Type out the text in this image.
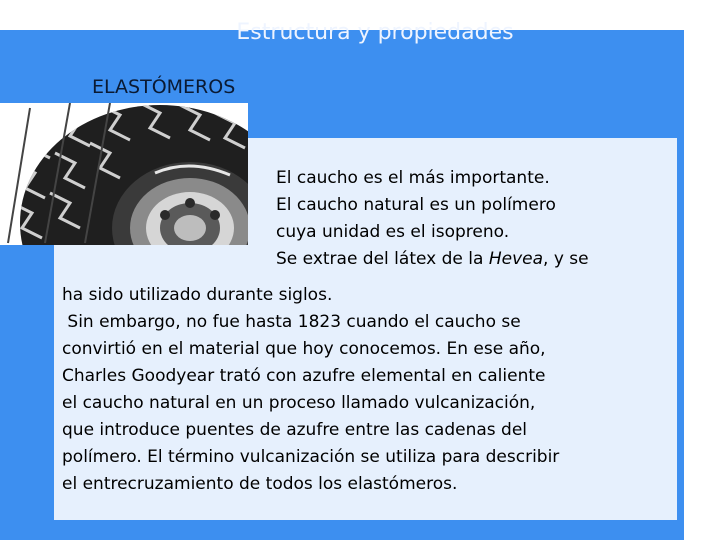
Estructura y propiedades
ELASTÓMEROS
El caucho es el más importante.
El caucho natural es un polímero
cuya unidad es el isopreno.
Se extrae del látex de la Hevea, y se
ha sido utilizado durante siglos.
Sin embargo, no fue hasta 1823 cuando el caucho se
convirtió en el material que hoy conocemos. En ese año,
Charles Goodyear trató con azufre elemental en caliente
el caucho natural en un proceso llamado vulcanización,
que introduce puentes de azufre entre las cadenas del
polímero. El término vulcanización se utiliza para describir
el entrecruzamiento de todos los elastómeros.
